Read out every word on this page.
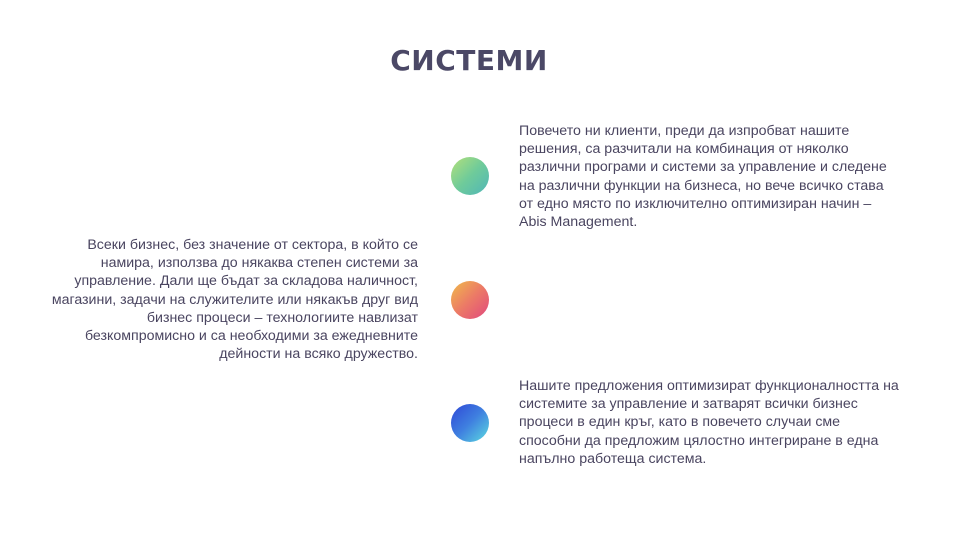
СИСТЕМИ
Всеки бизнес, без значение от сектора, в който се намира, използва до някаква степен системи за управление. Дали ще бъдат за складова наличност, магазини, задачи на служителите или някакъв друг вид бизнес процеси – технологиите навлизат безкомпромисно и са необходими за ежедневните дейности на всяко дружество.
Повечето ни клиенти, преди да изпробват нашите решения, са разчитали на комбинация от няколко различни програми и системи за управление и следене на различни функции на бизнеса, но вече всичко става от едно място по изключително оптимизиран начин – Abis Management.
Нашите предложения оптимизират функционалността на системите за управление и затварят всички бизнес процеси в един кръг, като в повечето случаи сме способни да предложим цялостно интегриране в една напълно работеща система.
